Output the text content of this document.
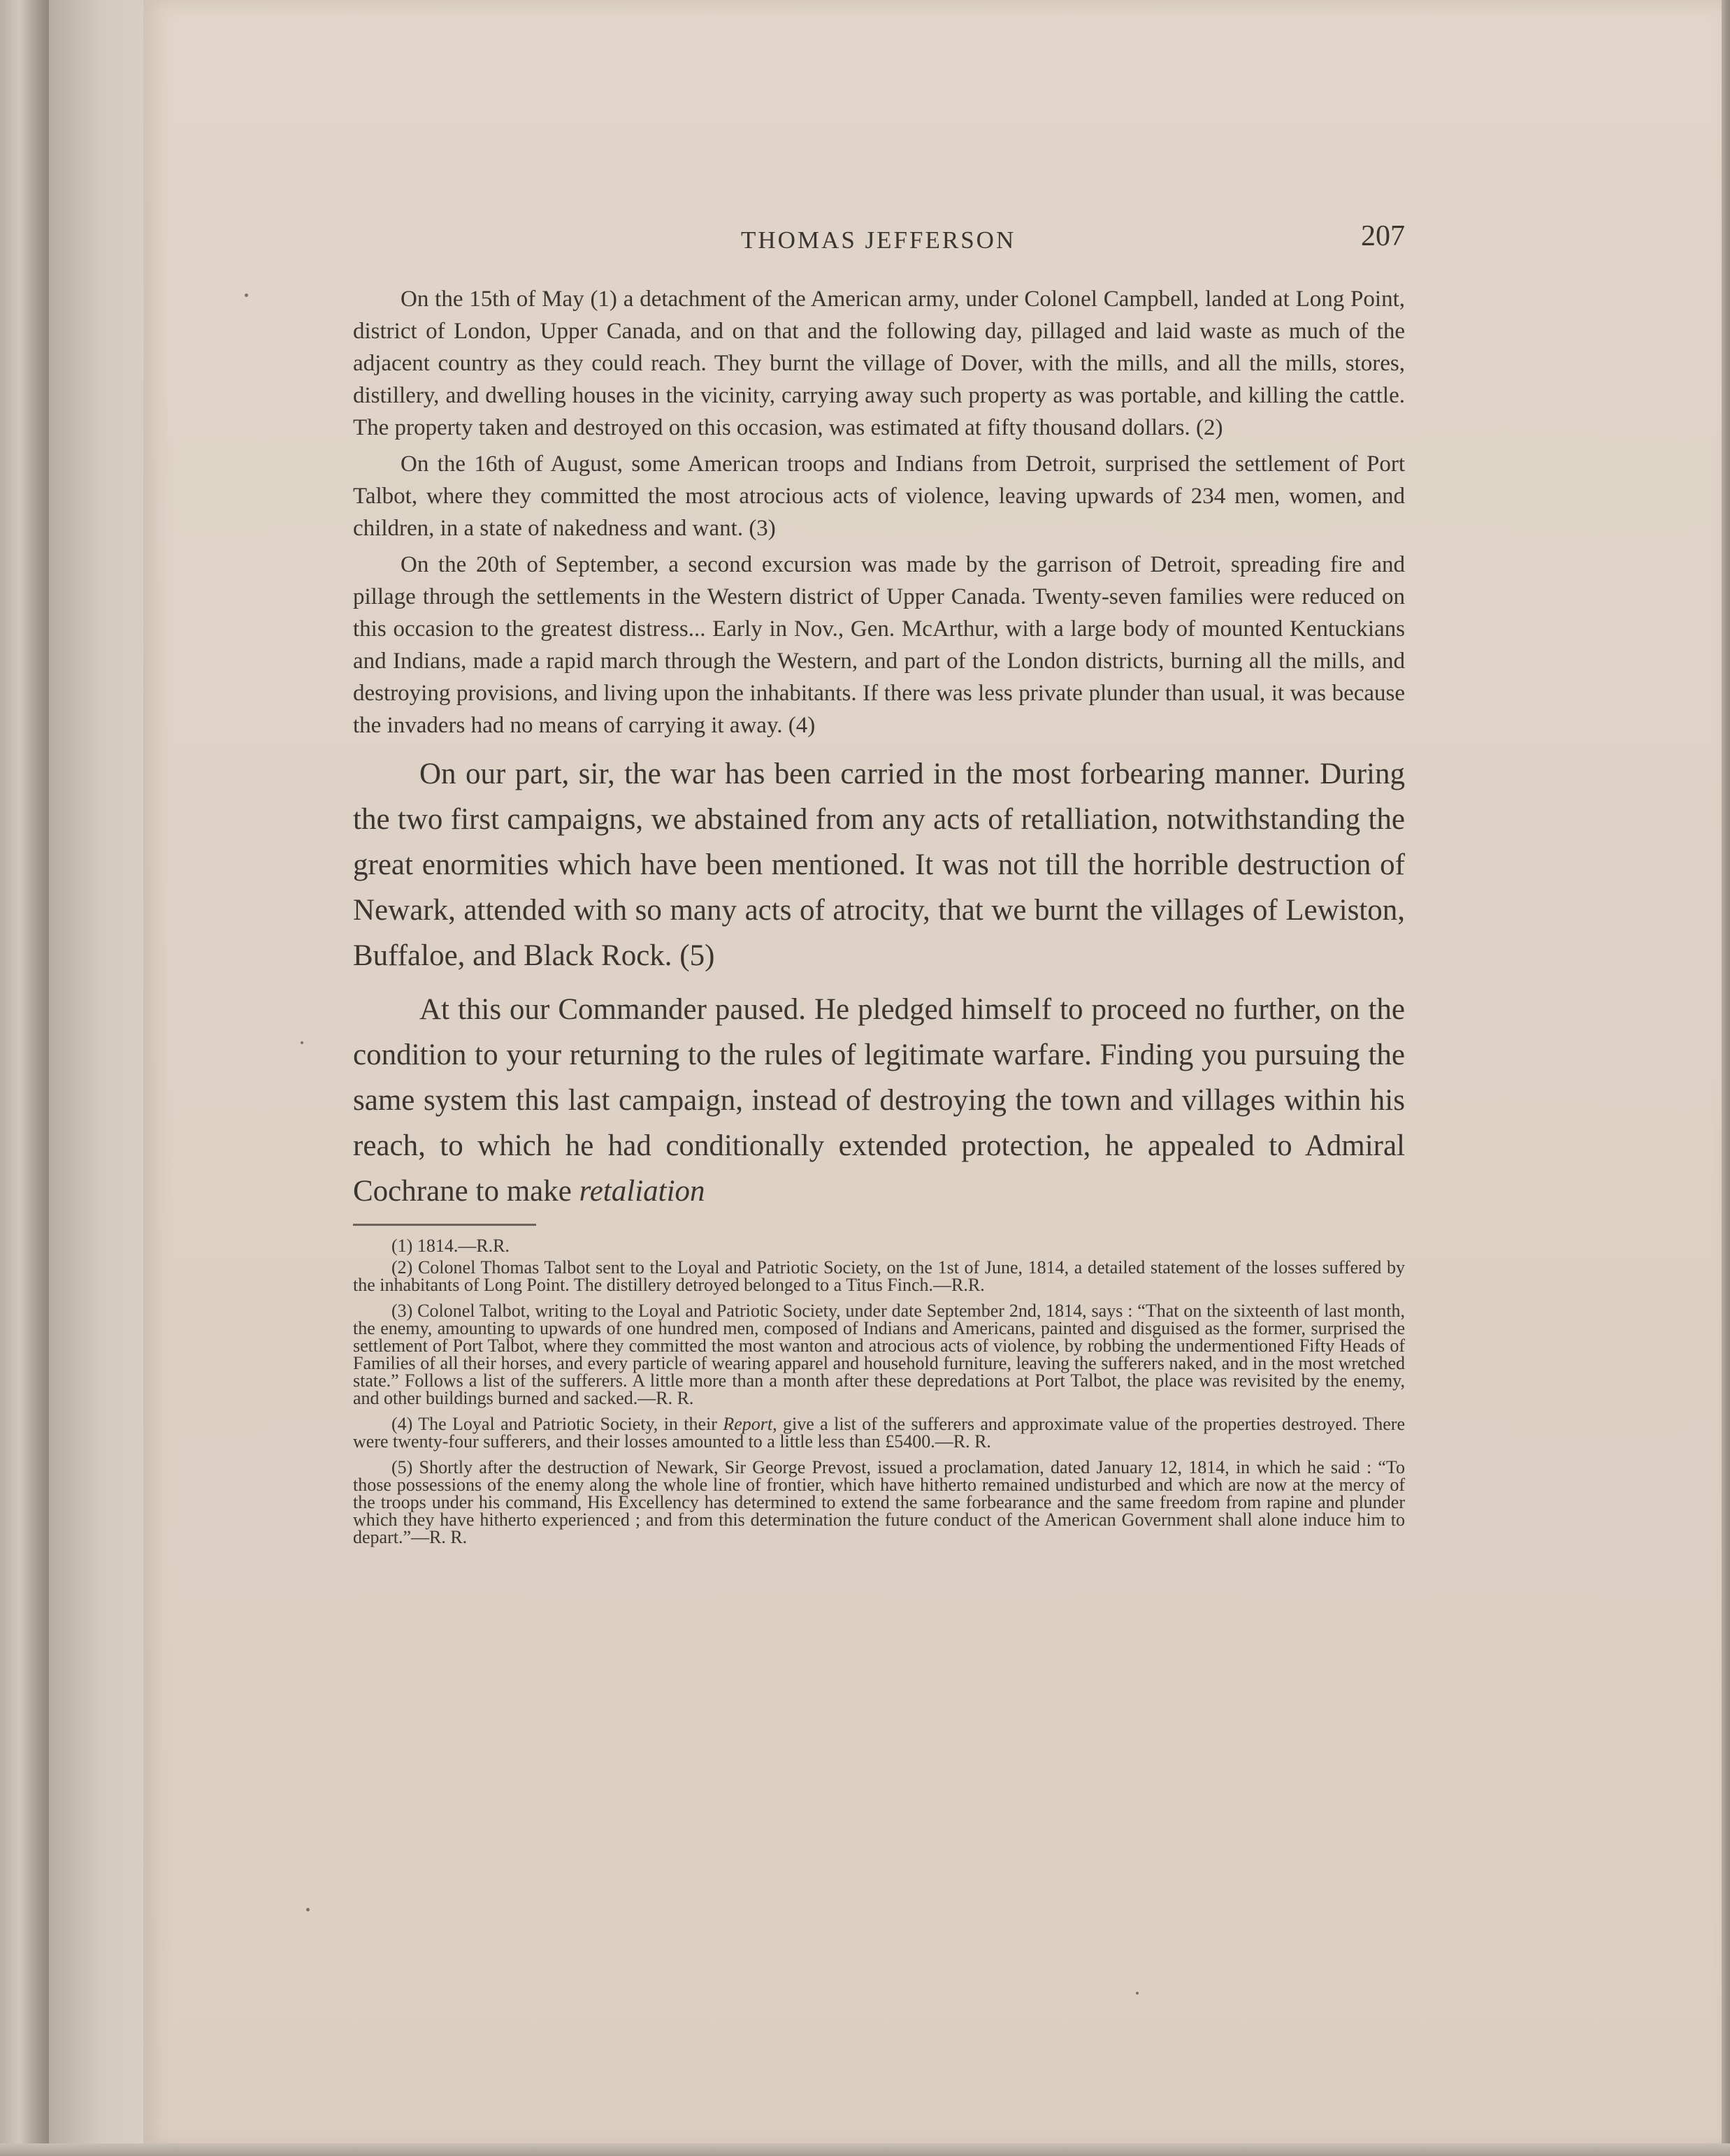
THOMAS JEFFERSON	207

On the 15th of May (1) a detachment of the American army, under Colonel Campbell, landed at Long Point, district of London, Upper Canada, and on that and the following day, pillaged and laid waste as much of the adjacent country as they could reach. They burnt the village of Dover, with the mills, and all the mills, stores, distillery, and dwelling houses in the vicinity, carrying away such property as was portable, and killing the cattle. The property taken and destroyed on this occasion, was estimated at fifty thousand dollars. (2)

On the 16th of August, some American troops and Indians from Detroit, surprised the settlement of Port Talbot, where they committed the most atrocious acts of violence, leaving upwards of 234 men, women, and children, in a state of nakedness and want. (3)

On the 20th of September, a second excursion was made by the garrison of Detroit, spreading fire and pillage through the settlements in the Western district of Upper Canada. Twenty-seven families were reduced on this occasion to the greatest distress... Early in Nov., Gen. McArthur, with a large body of mounted Kentuckians and Indians, made a rapid march through the Western, and part of the London districts, burning all the mills, and destroying provisions, and living upon the inhabitants. If there was less private plunder than usual, it was because the invaders had no means of carrying it away. (4)

On our part, sir, the war has been carried in the most forbearing manner. During the two first campaigns, we abstained from any acts of retalliation, notwithstanding the great enormities which have been mentioned. It was not till the horrible destruction of Newark, attended with so many acts of atrocity, that we burnt the villages of Lewiston, Buffaloe, and Black Rock. (5)

At this our Commander paused. He pledged himself to proceed no further, on the condition to your returning to the rules of legitimate warfare. Finding you pursuing the same system this last campaign, instead of destroying the town and villages within his reach, to which he had conditionally extended protection, he appealed to Admiral Cochrane to make retaliation

(1) 1814.—R.R.

(2) Colonel Thomas Talbot sent to the Loyal and Patriotic Society, on the 1st of June, 1814, a detailed statement of the losses suffered by the inhabitants of Long Point. The distillery detroyed belonged to a Titus Finch.—R.R.

(3) Colonel Talbot, writing to the Loyal and Patriotic Society, under date September 2nd, 1814, says : “That on the sixteenth of last month, the enemy, amounting to upwards of one hundred men, composed of Indians and Americans, painted and disguised as the former, surprised the settlement of Port Talbot, where they committed the most wanton and atrocious acts of violence, by robbing the undermentioned Fifty Heads of Families of all their horses, and every particle of wearing apparel and household furniture, leaving the sufferers naked, and in the most wretched state.” Follows a list of the sufferers. A little more than a month after these depredations at Port Talbot, the place was revisited by the enemy, and other buildings burned and sacked.—R. R.

(4) The Loyal and Patriotic Society, in their Report, give a list of the sufferers and approximate value of the properties destroyed. There were twenty-four sufferers, and their losses amounted to a little less than £5400.—R. R.

(5) Shortly after the destruction of Newark, Sir George Prevost, issued a proclamation, dated January 12, 1814, in which he said : “To those possessions of the enemy along the whole line of frontier, which have hitherto remained undisturbed and which are now at the mercy of the troops under his command, His Excellency has determined to extend the same forbearance and the same freedom from rapine and plunder which they have hitherto experienced ; and from this determination the future conduct of the American Government shall alone induce him to depart.”—R. R.
